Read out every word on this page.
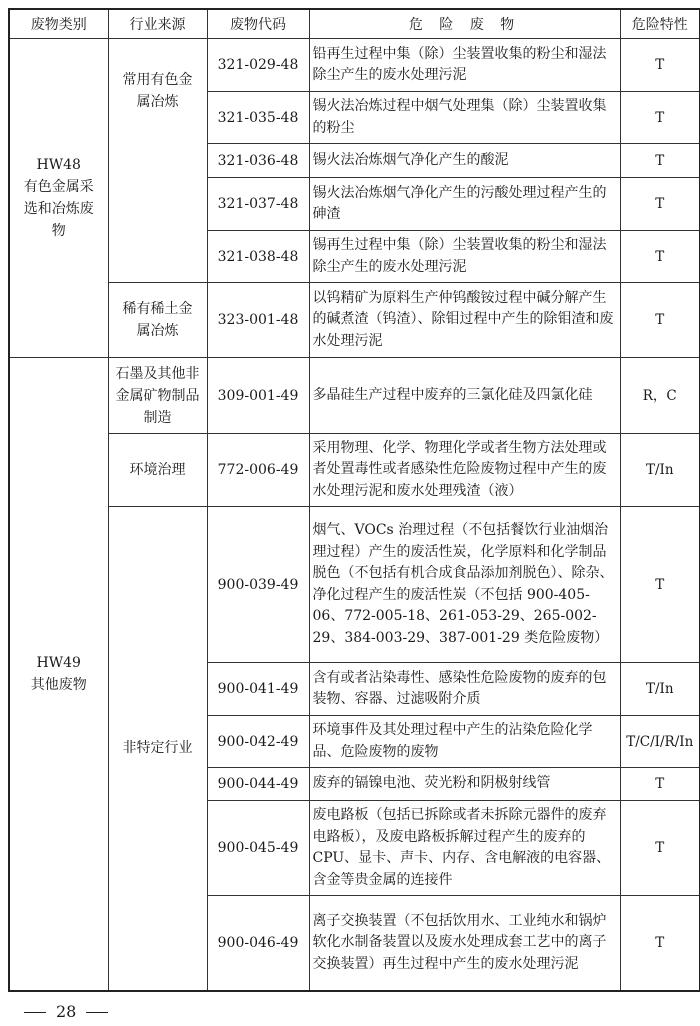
废物类别	行业来源	废物代码	危 险 废 物	危险特性

HW48
有色金属采选和冶炼废物	常用有色金属冶炼	321-029-48	铅再生过程中集（除）尘装置收集的粉尘和湿法除尘产生的废水处理污泥	T
		321-035-48	锡火法冶炼过程中烟气处理集（除）尘装置收集的粉尘	T
		321-036-48	锡火法冶炼烟气净化产生的酸泥	T
		321-037-48	锡火法冶炼烟气净化产生的污酸处理过程产生的砷渣	T
		321-038-48	锡再生过程中集（除）尘装置收集的粉尘和湿法除尘产生的废水处理污泥	T
	稀有稀土金属冶炼	323-001-48	以钨精矿为原料生产仲钨酸铵过程中碱分解产生的碱煮渣（钨渣）、除钼过程中产生的除钼渣和废水处理污泥	T

HW49
其他废物	石墨及其他非金属矿物制品制造	309-001-49	多晶硅生产过程中废弃的三氯化硅及四氯化硅	R，C
	环境治理	772-006-49	采用物理、化学、物理化学或者生物方法处理或者处置毒性或者感染性危险废物过程中产生的废水处理污泥和废水处理残渣（液）	T/In
	非特定行业	900-039-49	烟气、VOCs 治理过程（不包括餐饮行业油烟治理过程）产生的废活性炭，化学原料和化学制品脱色（不包括有机合成食品添加剂脱色）、除杂、净化过程产生的废活性炭（不包括 900-405-06、772-005-18、261-053-29、265-002-29、384-003-29、387-001-29 类危险废物）	T
		900-041-49	含有或者沾染毒性、感染性危险废物的废弃的包装物、容器、过滤吸附介质	T/In
		900-042-49	环境事件及其处理过程中产生的沾染危险化学品、危险废物的废物	T/C/I/R/In
		900-044-49	废弃的镉镍电池、荧光粉和阴极射线管	T
		900-045-49	废电路板（包括已拆除或者未拆除元器件的废弃电路板），及废电路板拆解过程产生的废弃的 CPU、显卡、声卡、内存、含电解液的电容器、含金等贵金属的连接件	T
		900-046-49	离子交换装置（不包括饮用水、工业纯水和锅炉软化水制备装置以及废水处理成套工艺中的离子交换装置）再生过程中产生的废水处理污泥	T
28
